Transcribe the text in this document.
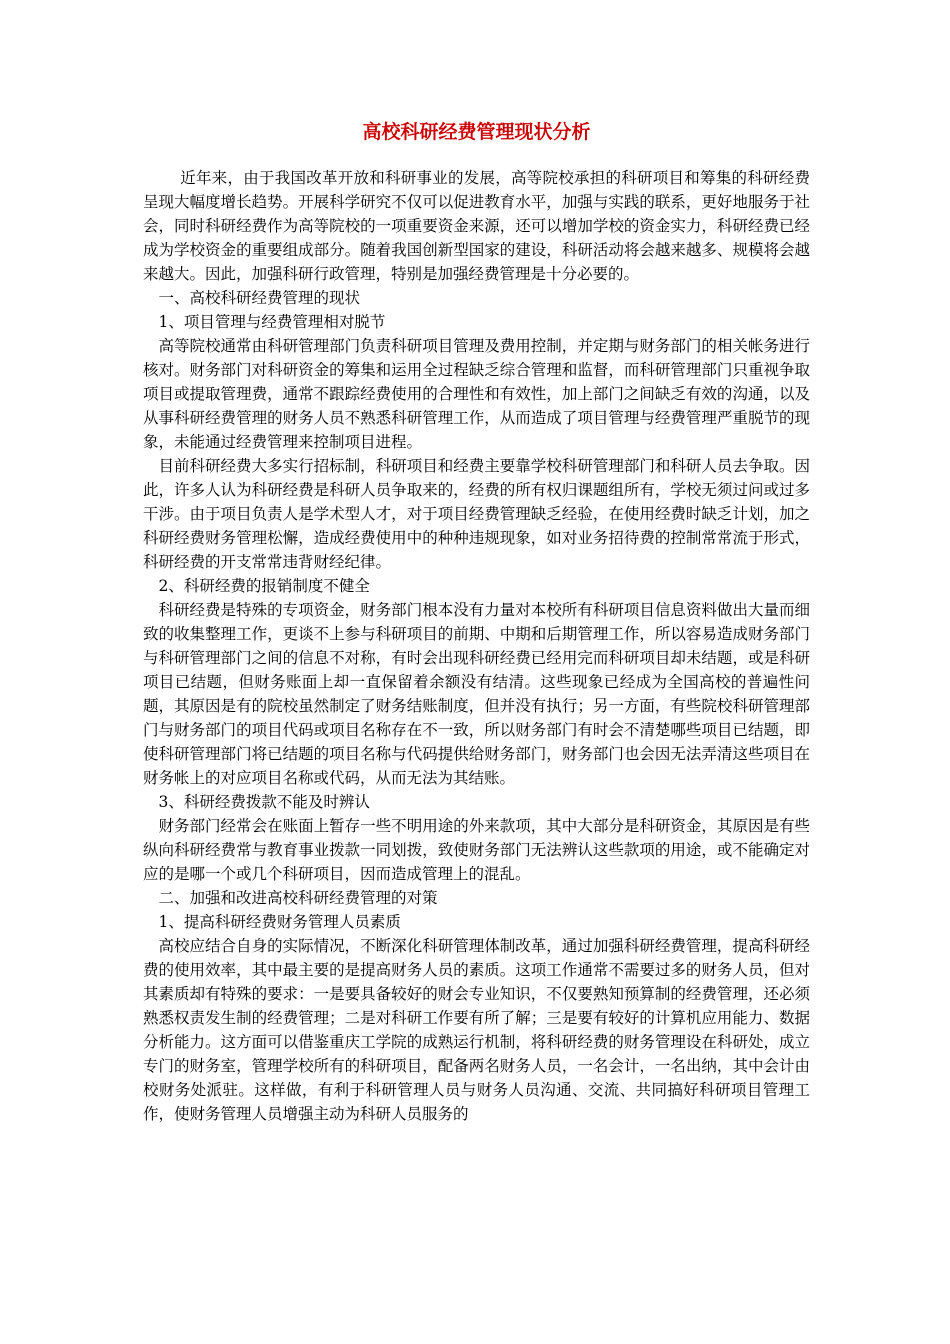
高校科研经费管理现状分析

近年来，由于我国改革开放和科研事业的发展，高等院校承担的科研项目和筹集的科研经费呈现大幅度增长趋势。开展科学研究不仅可以促进教育水平，加强与实践的联系，更好地服务于社会，同时科研经费作为高等院校的一项重要资金来源，还可以增加学校的资金实力，科研经费已经成为学校资金的重要组成部分。随着我国创新型国家的建设，科研活动将会越来越多、规模将会越来越大。因此，加强科研行政管理，特别是加强经费管理是十分必要的。

一、高校科研经费管理的现状

1、项目管理与经费管理相对脱节

高等院校通常由科研管理部门负责科研项目管理及费用控制，并定期与财务部门的相关帐务进行核对。财务部门对科研资金的筹集和运用全过程缺乏综合管理和监督，而科研管理部门只重视争取项目或提取管理费，通常不跟踪经费使用的合理性和有效性，加上部门之间缺乏有效的沟通，以及从事科研经费管理的财务人员不熟悉科研管理工作，从而造成了项目管理与经费管理严重脱节的现象，未能通过经费管理来控制项目进程。

目前科研经费大多实行招标制，科研项目和经费主要靠学校科研管理部门和科研人员去争取。因此，许多人认为科研经费是科研人员争取来的，经费的所有权归课题组所有，学校无须过问或过多干涉。由于项目负责人是学术型人才，对于项目经费管理缺乏经验，在使用经费时缺乏计划，加之科研经费财务管理松懈，造成经费使用中的种种违规现象，如对业务招待费的控制常常流于形式，科研经费的开支常常违背财经纪律。

2、科研经费的报销制度不健全

科研经费是特殊的专项资金，财务部门根本没有力量对本校所有科研项目信息资料做出大量而细致的收集整理工作，更谈不上参与科研项目的前期、中期和后期管理工作，所以容易造成财务部门与科研管理部门之间的信息不对称，有时会出现科研经费已经用完而科研项目却未结题，或是科研项目已结题，但财务账面上却一直保留着余额没有结清。这些现象已经成为全国高校的普遍性问题，其原因是有的院校虽然制定了财务结账制度，但并没有执行；另一方面，有些院校科研管理部门与财务部门的项目代码或项目名称存在不一致，所以财务部门有时会不清楚哪些项目已结题，即使科研管理部门将已结题的项目名称与代码提供给财务部门，财务部门也会因无法弄清这些项目在财务帐上的对应项目名称或代码，从而无法为其结账。

3、科研经费拨款不能及时辨认

财务部门经常会在账面上暂存一些不明用途的外来款项，其中大部分是科研资金，其原因是有些纵向科研经费常与教育事业拨款一同划拨，致使财务部门无法辨认这些款项的用途，或不能确定对应的是哪一个或几个科研项目，因而造成管理上的混乱。

二、加强和改进高校科研经费管理的对策

1、提高科研经费财务管理人员素质

高校应结合自身的实际情况，不断深化科研管理体制改革，通过加强科研经费管理，提高科研经费的使用效率，其中最主要的是提高财务人员的素质。这项工作通常不需要过多的财务人员，但对其素质却有特殊的要求：一是要具备较好的财会专业知识，不仅要熟知预算制的经费管理，还必须熟悉权责发生制的经费管理；二是对科研工作要有所了解；三是要有较好的计算机应用能力、数据分析能力。这方面可以借鉴重庆工学院的成熟运行机制，将科研经费的财务管理设在科研处，成立专门的财务室，管理学校所有的科研项目，配备两名财务人员，一名会计，一名出纳，其中会计由校财务处派驻。这样做，有利于科研管理人员与财务人员沟通、交流、共同搞好科研项目管理工作，使财务管理人员增强主动为科研人员服务的
